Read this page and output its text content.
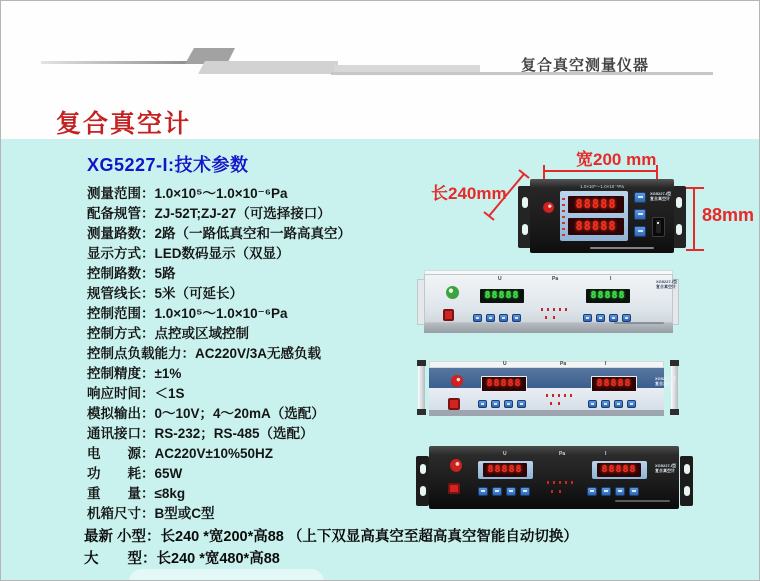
复合真空测量仪器
复合真空计
XG5227-I:技术参数
测量范围：1.0×10⁵～1.0×10⁻⁶Pa
配备规管：ZJ-52T;ZJ-27（可选择接口）
测量路数：2路（一路低真空和一路高真空）
显示方式：LED数码显示（双显）
控制路数：5路
规管线长：5米（可延长）
控制范围：1.0×10⁵～1.0×10⁻⁶Pa
控制方式：点控或区域控制
控制点负载能力：AC220V/3A无感负载
控制精度：±1%
响应时间：＜1S
模拟输出：0～10V；4～20mA（选配）
通讯接口：RS-232；RS-485（选配）
电　　源：AC220V±10%50HZ
功　　耗：65W
重　　量：≤8kg
机箱尺寸：B型或C型
最新 小型：长240 *宽200*高88 （上下双显高真空至超高真空智能自动切换）
大　　型：长240 *宽480*高88
宽200 mm
长240mm
88mm
1.0×10⁵～1.0×10⁻⁶Pa
88888
88888
XG5227-I型
复合真空计
U	Pa	I
88888	88888
XG5227-I型
复合真空计
U	Pa	I
88888	88888	XG5227-I型
复合真空计
U	Pa	I
88888	88888	XG5227-I型
复合真空计
